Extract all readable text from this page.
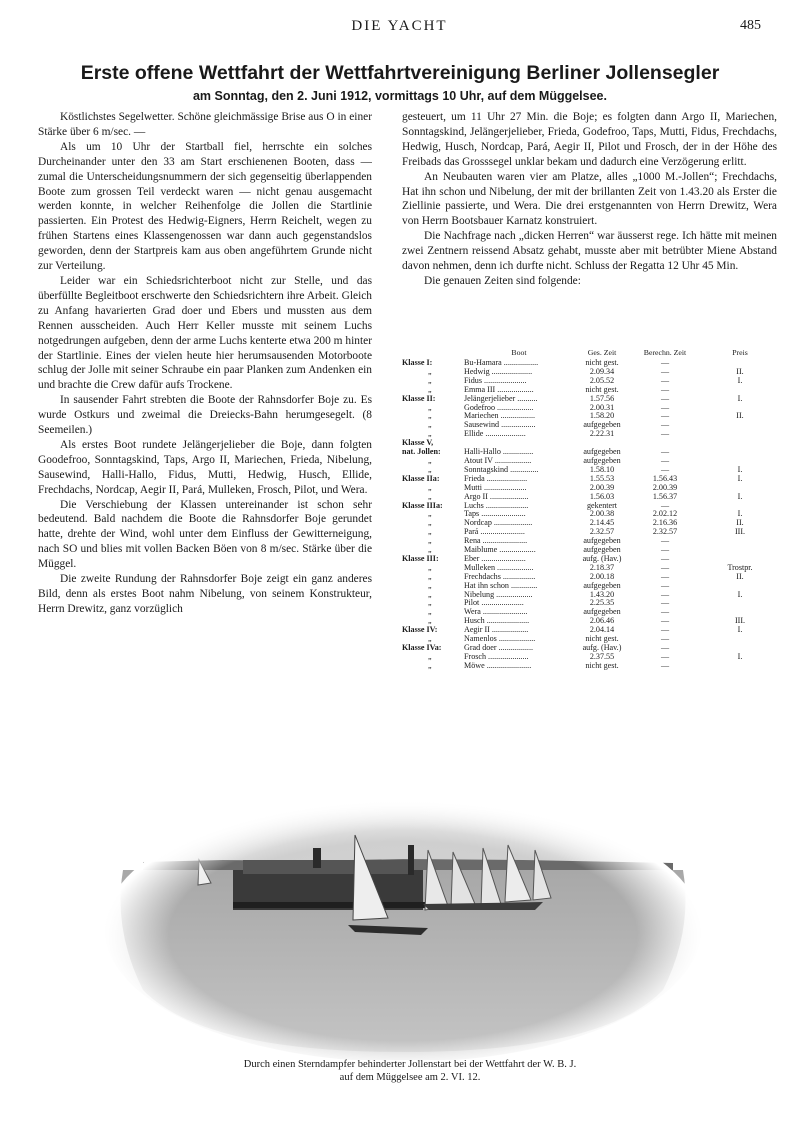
DIE YACHT	485
Erste offene Wettfahrt der Wettfahrtvereinigung Berliner Jollensegler
am Sonntag, den 2. Juni 1912, vormittags 10 Uhr, auf dem Müggelsee.

Köstlichstes Segelwetter. Schöne gleichmässige Brise aus O in einer Stärke über 6 m/sec. —

Als um 10 Uhr der Startball fiel, herrschte ein solches Durcheinander unter den 33 am Start erschienenen Booten, dass — zumal die Unterscheidungsnummern der sich gegenseitig überlappenden Boote zum grossen Teil verdeckt waren — nicht genau ausgemacht werden konnte, in welcher Reihenfolge die Jollen die Startlinie passierten. Ein Protest des Hedwig-Eigners, Herrn Reichelt, wegen zu frühen Startens eines Klassengenossen war dann auch gegenstandslos geworden, denn der Startpreis kam aus oben angeführtem Grunde nicht zur Verteilung.

Leider war ein Schiedsrichterboot nicht zur Stelle, und das überfüllte Begleitboot erschwerte den Schiedsrichtern ihre Arbeit. Gleich zu Anfang havarierten Grad doer und Ebers und mussten aus dem Rennen ausscheiden. Auch Herr Keller musste mit seinem Luchs notgedrungen aufgeben, denn der arme Luchs kenterte etwa 200 m hinter der Startlinie. Eines der vielen heute hier herumsausenden Motorboote schlug der Jolle mit seiner Schraube ein paar Planken zum Andenken ein und brachte die Crew dafür aufs Trockene.

In sausender Fahrt strebten die Boote der Rahnsdorfer Boje zu. Es wurde Ostkurs und zweimal die Dreiecks-Bahn herumgesegelt. (8 Seemeilen.)

Als erstes Boot rundete Jelängerjelieber die Boje, dann folgten Goodefroo, Sonntagskind, Taps, Argo II, Mariechen, Frieda, Nibelung, Sausewind, Halli-Hallo, Fidus, Mutti, Hedwig, Husch, Ellide, Frechdachs, Nordcap, Aegir II, Pará, Mulleken, Frosch, Pilot, und Wera.

Die Verschiebung der Klassen untereinander ist schon sehr bedeutend. Bald nachdem die Boote die Rahnsdorfer Boje gerundet hatte, drehte der Wind, wohl unter dem Einfluss der Gewitterneigung, nach SO und blies mit vollen Backen Böen von 8 m/sec. Stärke über die Müggel.

Die zweite Rundung der Rahnsdorfer Boje zeigt ein ganz anderes Bild, denn als erstes Boot nahm Nibelung, von seinem Konstrukteur, Herrn Drewitz, ganz vorzüglich

gesteuert, um 11 Uhr 27 Min. die Boje; es folgten dann Argo II, Mariechen, Sonntagskind, Jelängerjelieber, Frieda, Godefroo, Taps, Mutti, Fidus, Frechdachs, Hedwig, Husch, Nordcap, Pará, Aegir II, Pilot und Frosch, der in der Höhe des Freibads das Grosssegel unklar bekam und dadurch eine Verzögerung erlitt.

An Neubauten waren vier am Platze, alles „1000 M.-Jollen“; Frechdachs, Hat ihn schon und Nibelung, der mit der brillanten Zeit von 1.43.20 als Erster die Ziellinie passierte, und Wera. Die drei erstgenannten von Herrn Drewitz, Wera von Herrn Bootsbauer Karnatz konstruiert.

Die Nachfrage nach „dicken Herren“ war äusserst rege. Ich hätte mit meinen zwei Zentnern reissend Absatz gehabt, musste aber mit betrübter Miene Abstand davon nehmen, denn ich durfte nicht. Schluss der Regatta 12 Uhr 45 Min.

Die genauen Zeiten sind folgende:

	Boot	Ges. Zeit	Berechn. Zeit	Preis
Klasse I:	Bu-Hamara .................	nicht gest.	—	
„	Hedwig ....................	2.09.34	—	II.
„	Fidus .....................	2.05.52	—	I.
„	Emma III ..................	nicht gest.	—	
Klasse II:	Jelängerjelieber ..........	1.57.56	—	I.
„	Godefroo ..................	2.00.31	—	
„	Mariechen .................	1.58.20	—	II.
„	Sausewind .................	aufgegeben	—	
„	Ellide ....................	2.22.31	—	
Klasse V,				
nat. Jollen:	Halli-Hallo ...............	aufgegeben	—	
„	Atout IV ..................	aufgegeben	—	
„	Sonntagskind ..............	1.58.10	—	I.
Klasse IIa:	Frieda ....................	1.55.53	1.56.43	I.
„	Mutti .....................	2.00.39	2.00.39	
„	Argo II ...................	1.56.03	1.56.37	I.
Klasse IIIa:	Luchs .....................	gekentert	—	
„	Taps ......................	2.00.38	2.02.12	I.
„	Nordcap ...................	2.14.45	2.16.36	II.
„	Pará ......................	2.32.57	2.32.57	III.
„	Rena ......................	aufgegeben	—	
„	Maiblume ..................	aufgegeben	—	
Klasse III:	Eber ......................	aufg. (Hav.)	—	
„	Mulleken ..................	2.18.37	—	Trostpr.
„	Frechdachs ................	2.00.18	—	II.
„	Hat ihn schon .............	aufgegeben	—	
„	Nibelung ..................	1.43.20	—	I.
„	Pilot .....................	2.25.35	—	
„	Wera ......................	aufgegeben	—	
„	Husch .....................	2.06.46	—	III.
Klasse IV:	Aegir II ..................	2.04.14	—	I.
„	Namenlos ..................	nicht gest.	—	
Klasse IVa:	Grad doer .................	aufg. (Hav.)	—	
„	Frosch ....................	2.37.55	—	I.
„	Möwe ......................	nicht gest.	—	
Durch einen Sterndampfer behinderter Jollenstart bei der Wettfahrt der W. B. J.
auf dem Müggelsee am 2. VI. 12.
